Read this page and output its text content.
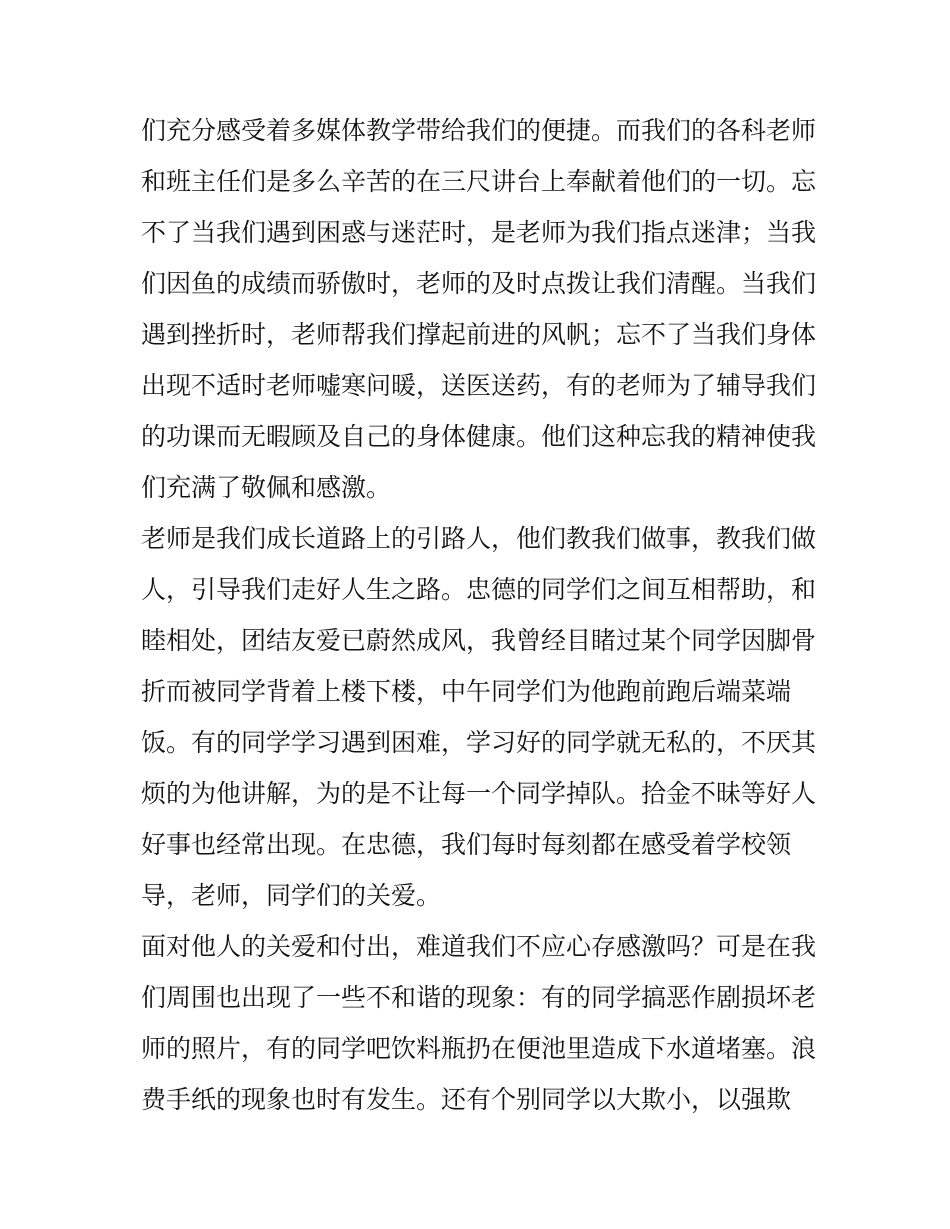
们充分感受着多媒体教学带给我们的便捷。而我们的各科老师
和班主任们是多么辛苦的在三尺讲台上奉献着他们的一切。忘
不了当我们遇到困惑与迷茫时，是老师为我们指点迷津；当我
们因鱼的成绩而骄傲时，老师的及时点拨让我们清醒。当我们
遇到挫折时，老师帮我们撑起前进的风帆；忘不了当我们身体
出现不适时老师嘘寒问暖，送医送药，有的老师为了辅导我们
的功课而无暇顾及自己的身体健康。他们这种忘我的精神使我
们充满了敬佩和感激。
老师是我们成长道路上的引路人，他们教我们做事，教我们做
人，引导我们走好人生之路。忠德的同学们之间互相帮助，和
睦相处，团结友爱已蔚然成风，我曾经目睹过某个同学因脚骨
折而被同学背着上楼下楼，中午同学们为他跑前跑后端菜端
饭。有的同学学习遇到困难，学习好的同学就无私的，不厌其
烦的为他讲解，为的是不让每一个同学掉队。拾金不昧等好人
好事也经常出现。在忠德，我们每时每刻都在感受着学校领
导，老师，同学们的关爱。
面对他人的关爱和付出，难道我们不应心存感激吗？可是在我
们周围也出现了一些不和谐的现象：有的同学搞恶作剧损坏老
师的照片，有的同学吧饮料瓶扔在便池里造成下水道堵塞。浪
费手纸的现象也时有发生。还有个别同学以大欺小，以强欺
